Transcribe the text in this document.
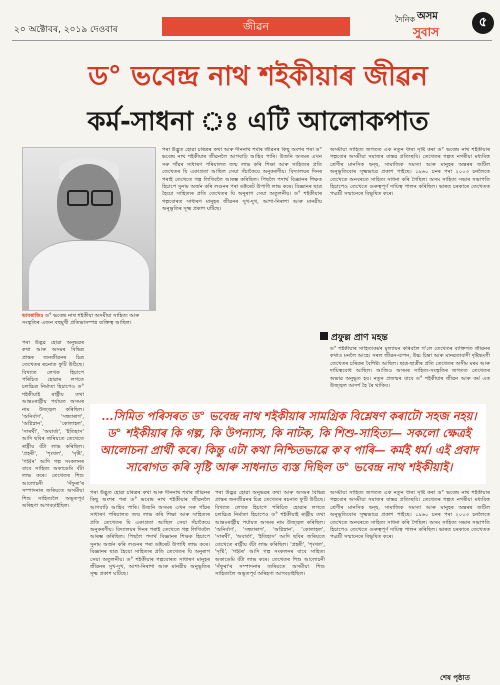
২০ অক্টোবৰ, ২০১৯ দেওবাৰ	জীৱন
দৈনিক অসম
সুবাস
৫
ড° ভবেন্দ্ৰ নাথ শইকীয়াৰ জীৱন
কৰ্ম-সাধনা ঃ এটি আলোকপাত
ভাবৰাজিঃ ড° ভবেন্দ্ৰ নাথ শইকীয়া অসমীয়া সাহিত্য আৰু সংস্কৃতিৰ এজন বহুমুখী প্ৰতিভাসম্পন্ন ব্যক্তিত্ব আছিল।
পৰা উদ্ভুত হোৱা চৰিত্ৰৰ কথা আৰু দীননাথ শৰ্মাৰ জীৱনৰ কিছু অংশৰ পৰা ড° ভবেন্দ্ৰ নাথ শইকীয়াৰ জীৱনলৈ আগবাঢ়ি আহিব পাৰি। উজনি অসমৰ এখন সৰু গাঁৱৰ সাধাৰণ পৰিয়ালত জন্ম লাভ কৰি শিক্ষা আৰু সাহিত্যৰ প্ৰতি তেখেতৰ যি একাগ্ৰতা আছিল সেয়া সঁচাকৈয়ে অনুকৰণীয়। বিদ্যালয়ৰ দিনৰ পৰাই তেখেতে গল্প লিখিবলৈ আৰম্ভ কৰিছিল। পিছলৈ পদাৰ্থ বিজ্ঞানৰ শিক্ষক হিচাপে সুনাম অৰ্জন কৰি লণ্ডনৰ পৰা ডক্টৰেট উপাধি লাভ কৰে। বিজ্ঞানৰ ছাত্ৰ হৈয়ো সাহিত্যৰ প্ৰতি তেখেতৰ যি অনুৰাগ সেয়া অতুলনীয়। ড° শইকীয়াৰ গল্পবোৰত সাধাৰণ মানুহৰ জীৱনৰ সুখ-দুখ, আশা-নিৰাশা আৰু মানৱীয় অনুভূতিৰ সূক্ষ্ম প্ৰকাশ ঘটিছে।
প্ৰফুল্ল প্ৰাণ মহন্ত
অসমীয়া সাহিত্য জগতত এক নতুন ধাৰা সৃষ্টি কৰা ড° ভবেন্দ্ৰ নাথ শইকীয়াৰ গল্পবোৰ অসমীয়া সমাজৰ বাস্তৱ প্ৰতিচ্ছবি। তেখেতৰ গল্পত নগৰীয়া মধ্যবিত্ত শ্ৰেণীৰ মানসিক দ্বন্দ্ব, সামাজিক সমস্যা আৰু মানুহৰ অন্তৰৰ জটিল অনুভূতিবোৰ সূক্ষ্মভাৱে প্ৰকাশ পাইছে। ১৯৬০ চনৰ পৰা ২০০৩ চনলৈকে তেখেতে অনবৰতে সাহিত্য সাধনা কৰি গৈছিল। অসম সাহিত্য সভাৰ সভাপতি হিচাপেও তেখেতে গুৰুত্বপূৰ্ণ দায়িত্ব পালন কৰিছিল। ভাৰত চৰকাৰে তেখেতক পদ্মশ্ৰী সন্মানেৰে বিভূষিত কৰে।
ড° শইকীয়াৰ সাহিত্যকৰ্মৰ মূল্যায়ন কৰিবলৈ গ'লে তেখেতৰ ব্যক্তিগত জীৱনৰ কথাও মনলৈ আহে। সৰল জীৱন-যাপন, উচ্চ চিন্তা আৰু মানৱতাবাদী দৃষ্টিভংগী তেখেতৰ চৰিত্ৰৰ বৈশিষ্ট্য আছিল। ছাত্ৰ-ছাত্ৰীৰ প্ৰতি তেখেতৰ অসীম মৰম আৰু দায়িত্ববোধ আছিল। আজিও অসমৰ সাহিত্য-সংস্কৃতিৰ জগতত তেখেতৰ অভাৱ অনুভূত হয়। নতুন প্ৰজন্মৰ বাবে ড° শইকীয়াৰ জীৱন আৰু কৰ্ম এক উজ্জ্বল আদৰ্শ হৈ ৰৈ থাকিব।
পৰা উদ্ভৱ হোৱা অনুভৱৰ কথা আৰু অসমৰ বিভিন্ন প্ৰান্তৰ জনজীৱনৰ চিত্ৰ তেখেতৰ ৰচনাত ফুটি উঠিছে। বিখ্যাত লেখক হিচাপে পৰিচিত হোৱাৰ লগতে চলচ্চিত্ৰ নিৰ্মাতা হিচাপেও ড° শইকীয়াই ৰাষ্ট্ৰীয় তথা আন্তঃৰাষ্ট্ৰীয় পৰ্যায়ত অসমৰ নাম উজ্জ্বল কৰিছিল। 'অনিৰ্বাণ', 'সন্ধ্যাৰাগ', 'অগ্নিস্নান', 'কোলাহল', 'সাৰথী', 'অবাৰ্তা', 'ইতিহাস' আদি ছবিৰ জৰিয়তে তেখেতে ৰাষ্ট্ৰীয় বঁটা লাভ কৰিছিল। 'প্ৰহৰী', 'শৃংখল', 'সৃষ্টি', 'গহ্বৰ' আদি গল্প সংকলনৰ বাবে সাহিত্য অকাডেমি বঁটা লাভ কৰে। তেখেতৰ শিশু আলোচনী 'সঁফুৰা'ৰ সম্পাদনাৰ জৰিয়তে অসমীয়া শিশু সাহিত্যলৈ অভূতপূৰ্ব অৰিহণা আগবঢ়াইছিল।
...সিমিত পৰিসৰত ড° ভবেন্দ্ৰ নাথ শইকীয়াৰ সামগ্ৰিক বিশ্লেষণ কৰাটো সহজ নহয়। ড° শইকীয়াৰ কি গল্প, কি উপন্যাস, কি নাটক, কি শিশু-সাহিত্য— সকলো ক্ষেত্ৰই আলোচনা প্ৰাৰ্থী কৰে। কিন্তু এটা কথা নিশ্চিতভাৱে ক'ব পাৰি— কৰ্মই ধৰ্ম। এই প্ৰবাদ সাৰোগত কৰি সৃষ্টি আৰু সাধনাত ব্যস্ত দিছিল ড° ভবেন্দ্ৰ নাথ শইকীয়াই।
পৰা উদ্ভুত হোৱা চৰিত্ৰৰ কথা আৰু দীননাথ শৰ্মাৰ জীৱনৰ কিছু অংশৰ পৰা ড° ভবেন্দ্ৰ নাথ শইকীয়াৰ জীৱনলৈ আগবাঢ়ি আহিব পাৰি। উজনি অসমৰ এখন সৰু গাঁৱৰ সাধাৰণ পৰিয়ালত জন্ম লাভ কৰি শিক্ষা আৰু সাহিত্যৰ প্ৰতি তেখেতৰ যি একাগ্ৰতা আছিল সেয়া সঁচাকৈয়ে অনুকৰণীয়। বিদ্যালয়ৰ দিনৰ পৰাই তেখেতে গল্প লিখিবলৈ আৰম্ভ কৰিছিল। পিছলৈ পদাৰ্থ বিজ্ঞানৰ শিক্ষক হিচাপে সুনাম অৰ্জন কৰি লণ্ডনৰ পৰা ডক্টৰেট উপাধি লাভ কৰে। বিজ্ঞানৰ ছাত্ৰ হৈয়ো সাহিত্যৰ প্ৰতি তেখেতৰ যি অনুৰাগ সেয়া অতুলনীয়। ড° শইকীয়াৰ গল্পবোৰত সাধাৰণ মানুহৰ জীৱনৰ সুখ-দুখ, আশা-নিৰাশা আৰু মানৱীয় অনুভূতিৰ সূক্ষ্ম প্ৰকাশ ঘটিছে।
পৰা উদ্ভৱ হোৱা অনুভৱৰ কথা আৰু অসমৰ বিভিন্ন প্ৰান্তৰ জনজীৱনৰ চিত্ৰ তেখেতৰ ৰচনাত ফুটি উঠিছে। বিখ্যাত লেখক হিচাপে পৰিচিত হোৱাৰ লগতে চলচ্চিত্ৰ নিৰ্মাতা হিচাপেও ড° শইকীয়াই ৰাষ্ট্ৰীয় তথা আন্তঃৰাষ্ট্ৰীয় পৰ্যায়ত অসমৰ নাম উজ্জ্বল কৰিছিল। 'অনিৰ্বাণ', 'সন্ধ্যাৰাগ', 'অগ্নিস্নান', 'কোলাহল', 'সাৰথী', 'অবাৰ্তা', 'ইতিহাস' আদি ছবিৰ জৰিয়তে তেখেতে ৰাষ্ট্ৰীয় বঁটা লাভ কৰিছিল। 'প্ৰহৰী', 'শৃংখল', 'সৃষ্টি', 'গহ্বৰ' আদি গল্প সংকলনৰ বাবে সাহিত্য অকাডেমি বঁটা লাভ কৰে। তেখেতৰ শিশু আলোচনী 'সঁফুৰা'ৰ সম্পাদনাৰ জৰিয়তে অসমীয়া শিশু সাহিত্যলৈ অভূতপূৰ্ব অৰিহণা আগবঢ়াইছিল।
অসমীয়া সাহিত্য জগতত এক নতুন ধাৰা সৃষ্টি কৰা ড° ভবেন্দ্ৰ নাথ শইকীয়াৰ গল্পবোৰ অসমীয়া সমাজৰ বাস্তৱ প্ৰতিচ্ছবি। তেখেতৰ গল্পত নগৰীয়া মধ্যবিত্ত শ্ৰেণীৰ মানসিক দ্বন্দ্ব, সামাজিক সমস্যা আৰু মানুহৰ অন্তৰৰ জটিল অনুভূতিবোৰ সূক্ষ্মভাৱে প্ৰকাশ পাইছে। ১৯৬০ চনৰ পৰা ২০০৩ চনলৈকে তেখেতে অনবৰতে সাহিত্য সাধনা কৰি গৈছিল। অসম সাহিত্য সভাৰ সভাপতি হিচাপেও তেখেতে গুৰুত্বপূৰ্ণ দায়িত্ব পালন কৰিছিল। ভাৰত চৰকাৰে তেখেতক পদ্মশ্ৰী সন্মানেৰে বিভূষিত কৰে।
শেষ পৃষ্ঠাত
